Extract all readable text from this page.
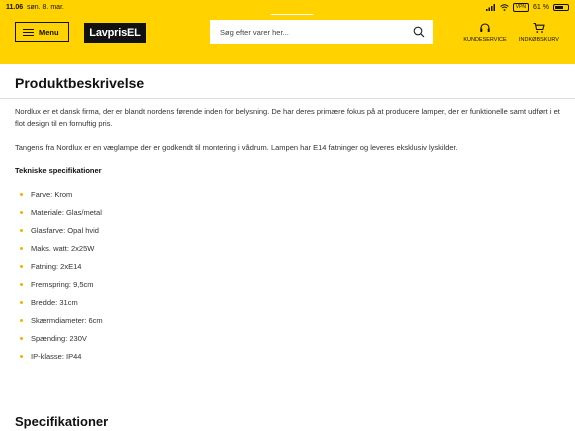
11.06 søn. 8. mar.	VPN	61 %
Menu	LavprisEL
Søg efter varer her...
KUNDESERVICE	INDKØBSKURV
Produktbeskrivelse

Nordlux er et dansk firma, der er blandt nordens førende inden for belysning. De har deres primære fokus på at producere lamper, der er funktionelle samt udført i et flot design til en fornuftig pris.

Tangens fra Nordlux er en væglampe der er godkendt til montering i vådrum. Lampen har E14 fatninger og leveres eksklusiv lyskilder.

Tekniske specifikationer
Farve: Krom
Materiale: Glas/metal
Glasfarve: Opal hvid
Maks. watt: 2x25W
Fatning: 2xE14
Fremspring: 9,5cm
Bredde: 31cm
Skærmdiameter: 6cm
Spænding: 230V
IP-klasse: IP44
Specifikationer
